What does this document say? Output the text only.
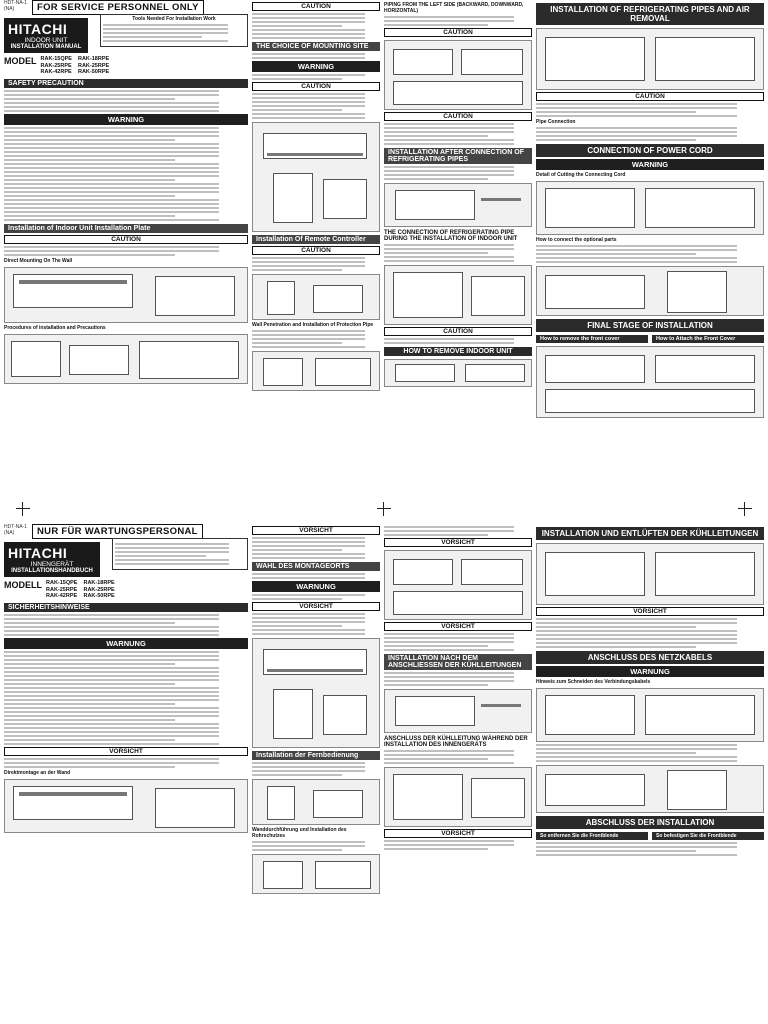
HDT-NA-1
(NA)	FOR SERVICE PERSONNEL ONLY
HITACHI
INDOOR UNIT
INSTALLATION MANUAL
MODEL RAK-15QPE RAK-18RPE
RAK-25RPE RAK-25RPE
RAK-42RPE RAK-50RPE
Tools Needed For Installation Work
SAFETY PRECAUTION
WARNING
Installation of Indoor Unit Installation Plate
CAUTION
Direct Mounting On The Wall
Procedures of installation and Precautions
CAUTION
THE CHOICE OF MOUNTING SITE
WARNING
CAUTION
Installation Of Remote Controller
CAUTION
Wall Penetration and Installation of Protection Pipe
PIPING FROM THE LEFT SIDE (BACKWARD, DOWNWARD, HORIZONTAL)
CAUTION
CAUTION
INSTALLATION AFTER CONNECTION OF REFRIGERATING PIPES
THE CONNECTION OF REFRIGERATING PIPE DURING THE INSTALLATION OF INDOOR UNIT
CAUTION
HOW TO REMOVE INDOOR UNIT
INSTALLATION OF REFRIGERATING PIPES AND AIR REMOVAL
CAUTION
Pipe Connection
CONNECTION OF POWER CORD
WARNING
Detail of Cutting the Connecting Cord
How to connect the optional parts
FINAL STAGE OF INSTALLATION
How to remove the front cover	How to Attach the Front Cover
HDT-NA-1
(NA)	NUR FÜR WARTUNGSPERSONAL
HITACHI
INNENGERÄT
INSTALLATIONSHANDBUCH
MODELL RAK-15QPE RAK-18RPE
RAK-25RPE RAK-25RPE
RAK-42RPE RAK-50RPE
SICHERHEITSHINWEISE
WARNUNG
VORSICHT
Direktmontage an der Wand
VORSICHT
WAHL DES MONTAGEORTS
WARNUNG
VORSICHT
Installation der Fernbedienung
Wanddurchführung und Installation des Rohrschutzes
VORSICHT
VORSICHT
INSTALLATION NACH DEM ANSCHLIESSEN DER KÜHLLEITUNGEN
ANSCHLUSS DER KÜHLLEITUNG WÄHREND DER INSTALLATION DES INNENGERÄTS
VORSICHT
INSTALLATION UND ENTLÜFTEN DER KÜHLLEITUNGEN
VORSICHT
ANSCHLUSS DES NETZKABELS
WARNUNG
Hinweis zum Schneiden des Verbindungskabels
ABSCHLUSS DER INSTALLATION
So entfernen Sie die Frontblende	So befestigen Sie die Frontblende
